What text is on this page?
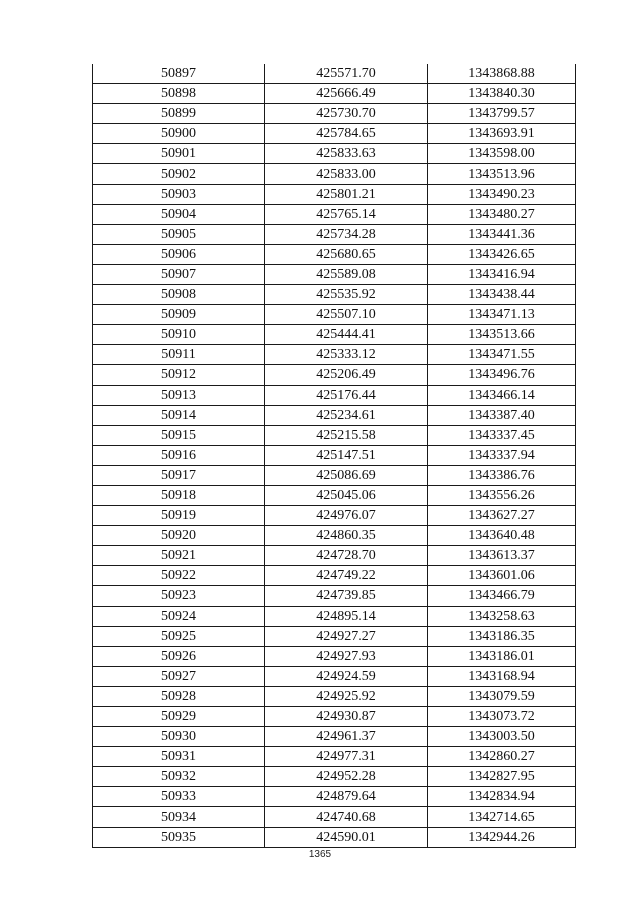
50897	425571.70	1343868.88
50898	425666.49	1343840.30
50899	425730.70	1343799.57
50900	425784.65	1343693.91
50901	425833.63	1343598.00
50902	425833.00	1343513.96
50903	425801.21	1343490.23
50904	425765.14	1343480.27
50905	425734.28	1343441.36
50906	425680.65	1343426.65
50907	425589.08	1343416.94
50908	425535.92	1343438.44
50909	425507.10	1343471.13
50910	425444.41	1343513.66
50911	425333.12	1343471.55
50912	425206.49	1343496.76
50913	425176.44	1343466.14
50914	425234.61	1343387.40
50915	425215.58	1343337.45
50916	425147.51	1343337.94
50917	425086.69	1343386.76
50918	425045.06	1343556.26
50919	424976.07	1343627.27
50920	424860.35	1343640.48
50921	424728.70	1343613.37
50922	424749.22	1343601.06
50923	424739.85	1343466.79
50924	424895.14	1343258.63
50925	424927.27	1343186.35
50926	424927.93	1343186.01
50927	424924.59	1343168.94
50928	424925.92	1343079.59
50929	424930.87	1343073.72
50930	424961.37	1343003.50
50931	424977.31	1342860.27
50932	424952.28	1342827.95
50933	424879.64	1342834.94
50934	424740.68	1342714.65
50935	424590.01	1342944.26
1365
